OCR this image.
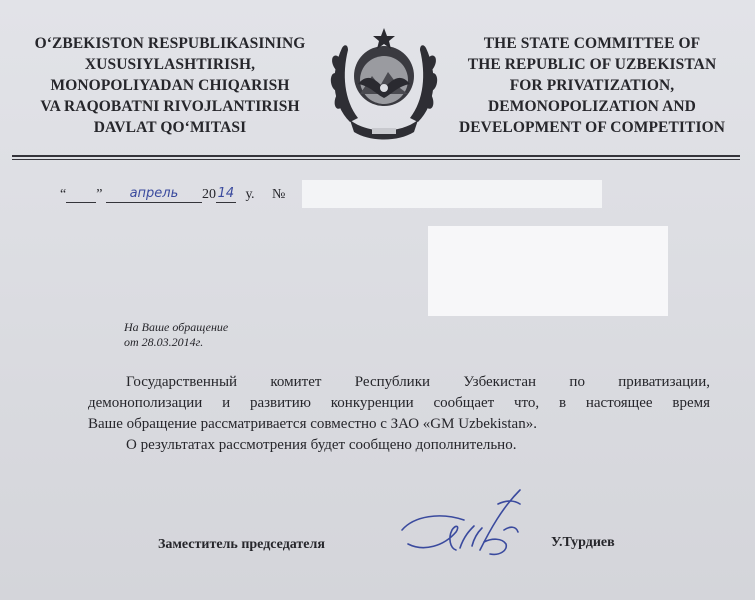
O‘ZBEKISTON RESPUBLIKASINING
XUSUSIYLASHTIRISH,
MONOPOLIYADAN CHIQARISH
VA RAQOBATNI RIVOJLANTIRISH
DAVLAT QO‘MITASI
THE STATE COMMITTEE OF
THE REPUBLIC OF UZBEKISTAN
FOR PRIVATIZATION,
DEMONOPOLIZATION AND
DEVELOPMENT OF COMPETITION
“ ”	апрель	20 14 у. №
На Ваше обращение
от 28.03.2014г.

Государственный комитет Республики Узбекистан по приватизации,

демонополизации и развитию конкуренции сообщает что, в настоящее время

Ваше обращение рассматривается совместно с ЗАО «GM Uzbekistan».

О результатах рассмотрения будет сообщено дополнительно.

Заместитель председателя	У.Турдиев
